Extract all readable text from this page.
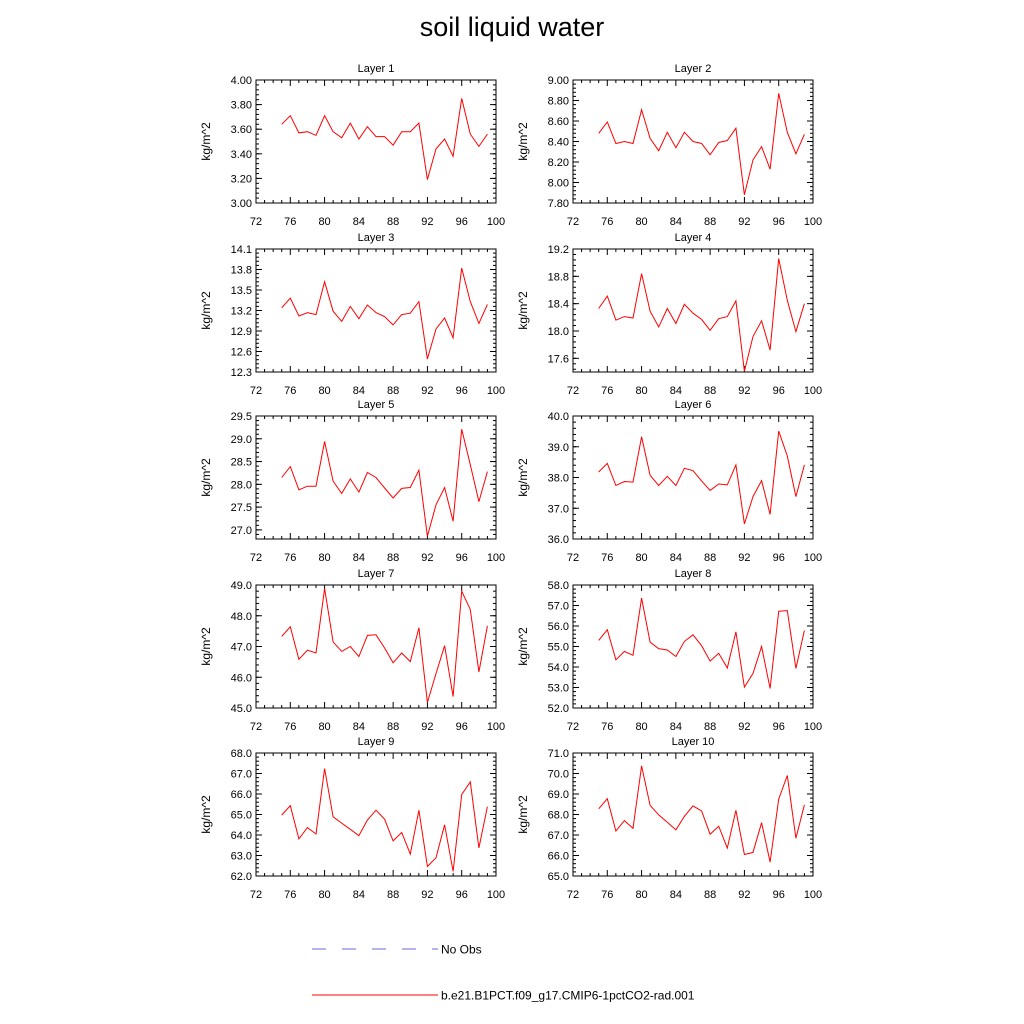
soil liquid water
Layer 1
kg/m^2
72 76 80 84 88 92 96 100
3.00
3.20
3.40
3.60
3.80
4.00
Layer 2
kg/m^2
72 76 80 84 88 92 96 100
7.80
8.00
8.20
8.40
8.60
8.80
9.00
Layer 3
kg/m^2
72 76 80 84 88 92 96 100
12.3
12.6
12.9
13.2
13.5
13.8
14.1
Layer 4
kg/m^2
72 76 80 84 88 92 96 100
17.6
18.0
18.4
18.8
19.2
Layer 5
kg/m^2
72 76 80 84 88 92 96 100
27.0
27.5
28.0
28.5
29.0
29.5
Layer 6
kg/m^2
72 76 80 84 88 92 96 100
36.0
37.0
38.0
39.0
40.0
Layer 7
kg/m^2
72 76 80 84 88 92 96 100
45.0
46.0
47.0
48.0
49.0
Layer 8
kg/m^2
72 76 80 84 88 92 96 100
52.0
53.0
54.0
55.0
56.0
57.0
58.0
Layer 9
kg/m^2
72 76 80 84 88 92 96 100
62.0
63.0
64.0
65.0
66.0
67.0
68.0
Layer 10
kg/m^2
72 76 80 84 88 92 96 100
65.0
66.0
67.0
68.0
69.0
70.0
71.0
No Obs
b.e21.B1PCT.f09_g17.CMIP6-1pctCO2-rad.001
